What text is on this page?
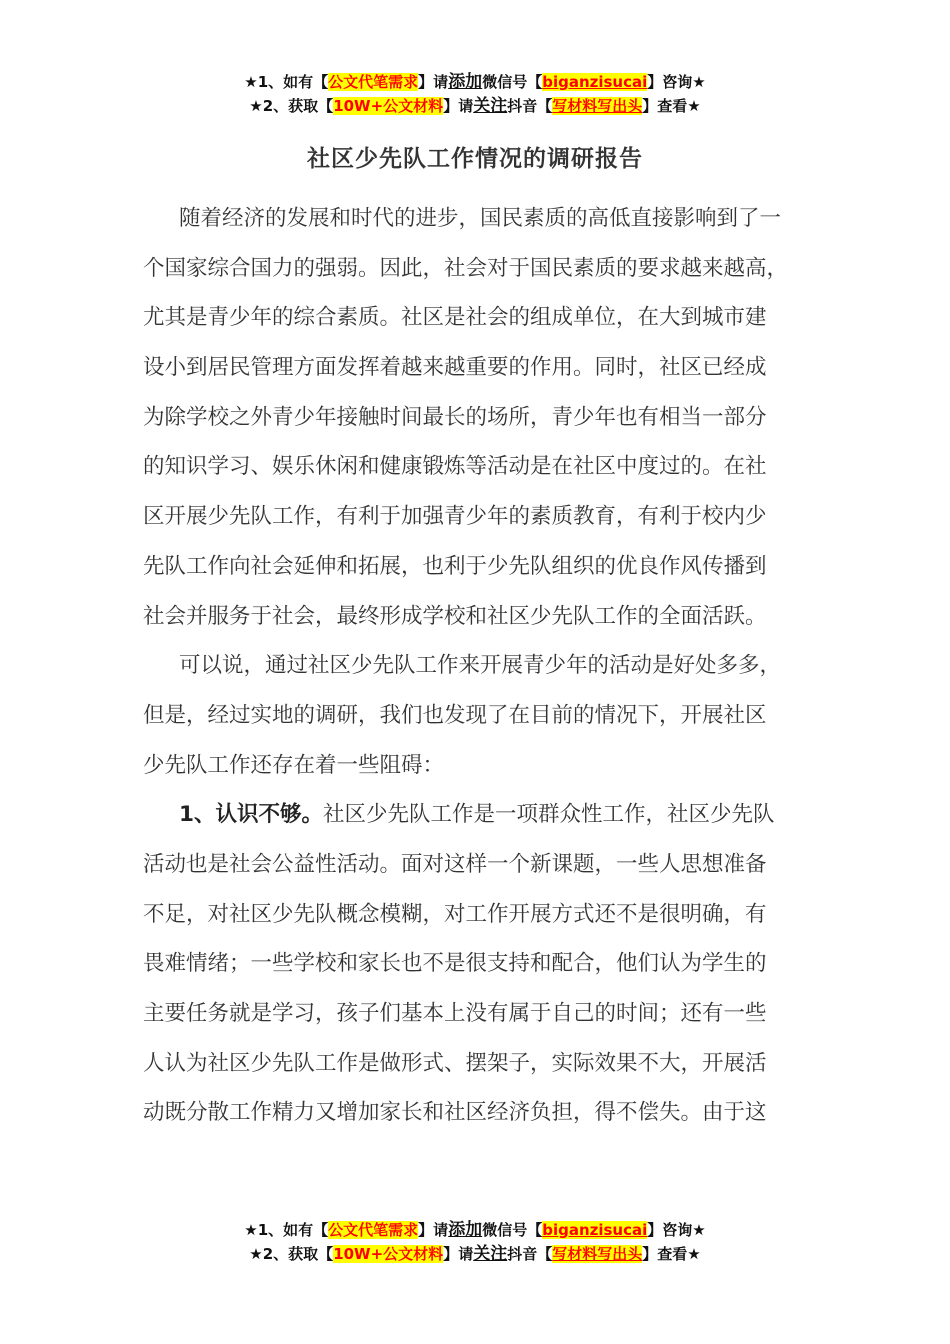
★1、如有【公文代笔需求】请添加微信号【biganzisucai】咨询★
★2、获取【10W+公文材料】请关注抖音【写材料写出头】查看★
社区少先队工作情况的调研报告
随着经济的发展和时代的进步，国民素质的高低直接影响到了一
个国家综合国力的强弱。因此，社会对于国民素质的要求越来越高，
尤其是青少年的综合素质。社区是社会的组成单位，在大到城市建
设小到居民管理方面发挥着越来越重要的作用。同时，社区已经成
为除学校之外青少年接触时间最长的场所，青少年也有相当一部分
的知识学习、娱乐休闲和健康锻炼等活动是在社区中度过的。在社
区开展少先队工作，有利于加强青少年的素质教育，有利于校内少
先队工作向社会延伸和拓展，也利于少先队组织的优良作风传播到
社会并服务于社会，最终形成学校和社区少先队工作的全面活跃。
可以说，通过社区少先队工作来开展青少年的活动是好处多多，
但是，经过实地的调研，我们也发现了在目前的情况下，开展社区
少先队工作还存在着一些阻碍：
1、认识不够。社区少先队工作是一项群众性工作，社区少先队
活动也是社会公益性活动。面对这样一个新课题，一些人思想准备
不足，对社区少先队概念模糊，对工作开展方式还不是很明确，有
畏难情绪；一些学校和家长也不是很支持和配合，他们认为学生的
主要任务就是学习，孩子们基本上没有属于自己的时间；还有一些
人认为社区少先队工作是做形式、摆架子，实际效果不大，开展活
动既分散工作精力又增加家长和社区经济负担，得不偿失。由于这
★1、如有【公文代笔需求】请添加微信号【biganzisucai】咨询★
★2、获取【10W+公文材料】请关注抖音【写材料写出头】查看★
